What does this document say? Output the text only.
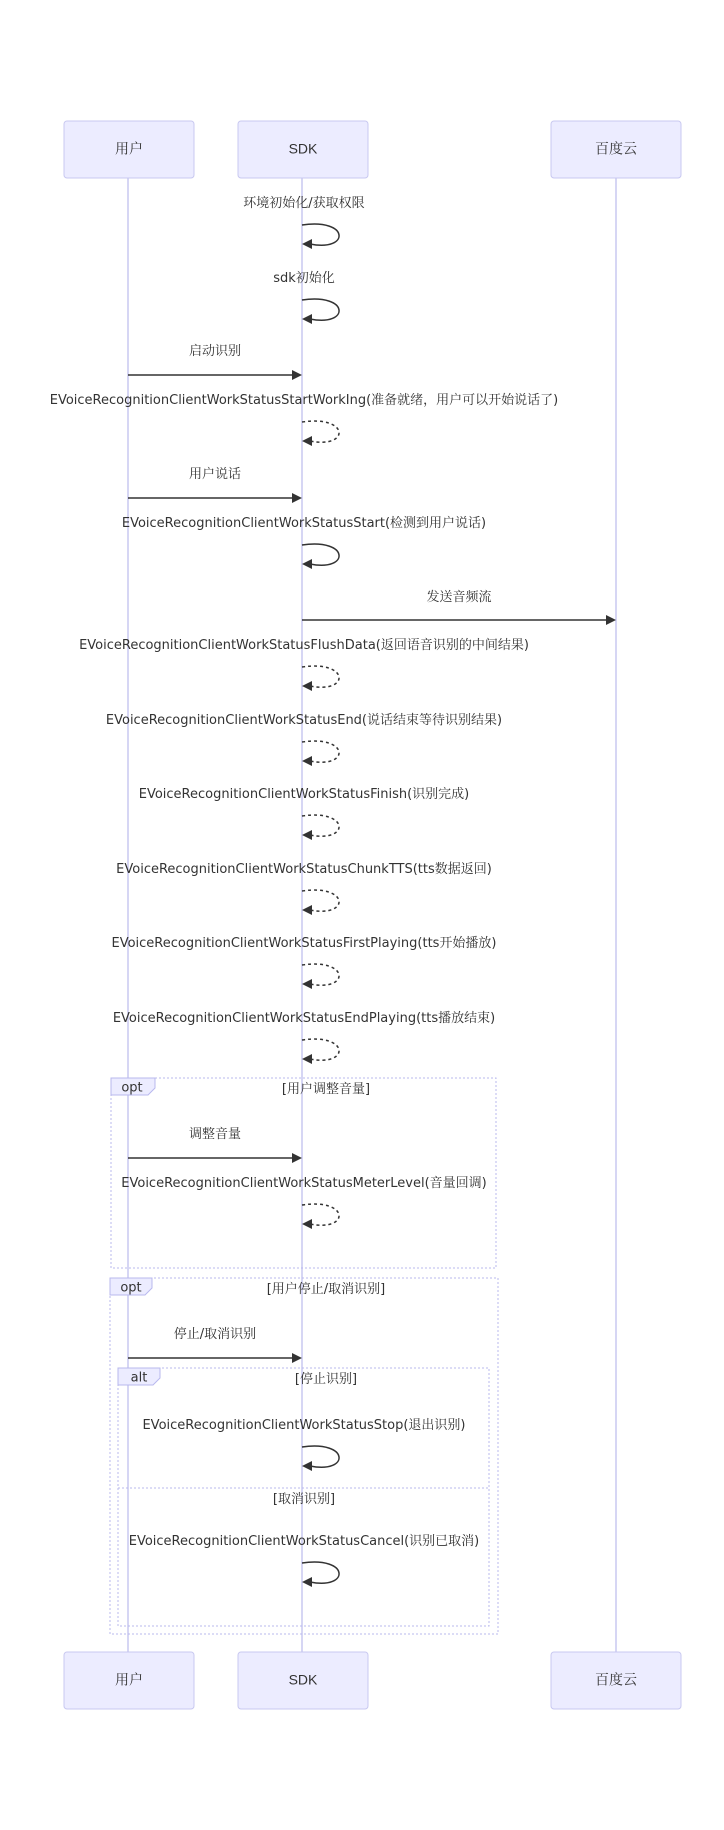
用户	SDK	百度云
用户	SDK	百度云
opt	[用户调整音量]
opt	[用户停止/取消识别]
alt	[停止识别]
[取消识别]
环境初始化/获取权限
sdk初始化
启动识别
EVoiceRecognitionClientWorkStatusStartWorkIng(准备就绪，用户可以开始说话了)
用户说话
EVoiceRecognitionClientWorkStatusStart(检测到用户说话)
发送音频流
EVoiceRecognitionClientWorkStatusFlushData(返回语音识别的中间结果)
EVoiceRecognitionClientWorkStatusEnd(说话结束等待识别结果)
EVoiceRecognitionClientWorkStatusFinish(识别完成)
EVoiceRecognitionClientWorkStatusChunkTTS(tts数据返回)
EVoiceRecognitionClientWorkStatusFirstPlaying(tts开始播放)
EVoiceRecognitionClientWorkStatusEndPlaying(tts播放结束)
调整音量
EVoiceRecognitionClientWorkStatusMeterLevel(音量回调)
停止/取消识别
EVoiceRecognitionClientWorkStatusStop(退出识别)
EVoiceRecognitionClientWorkStatusCancel(识别已取消)
